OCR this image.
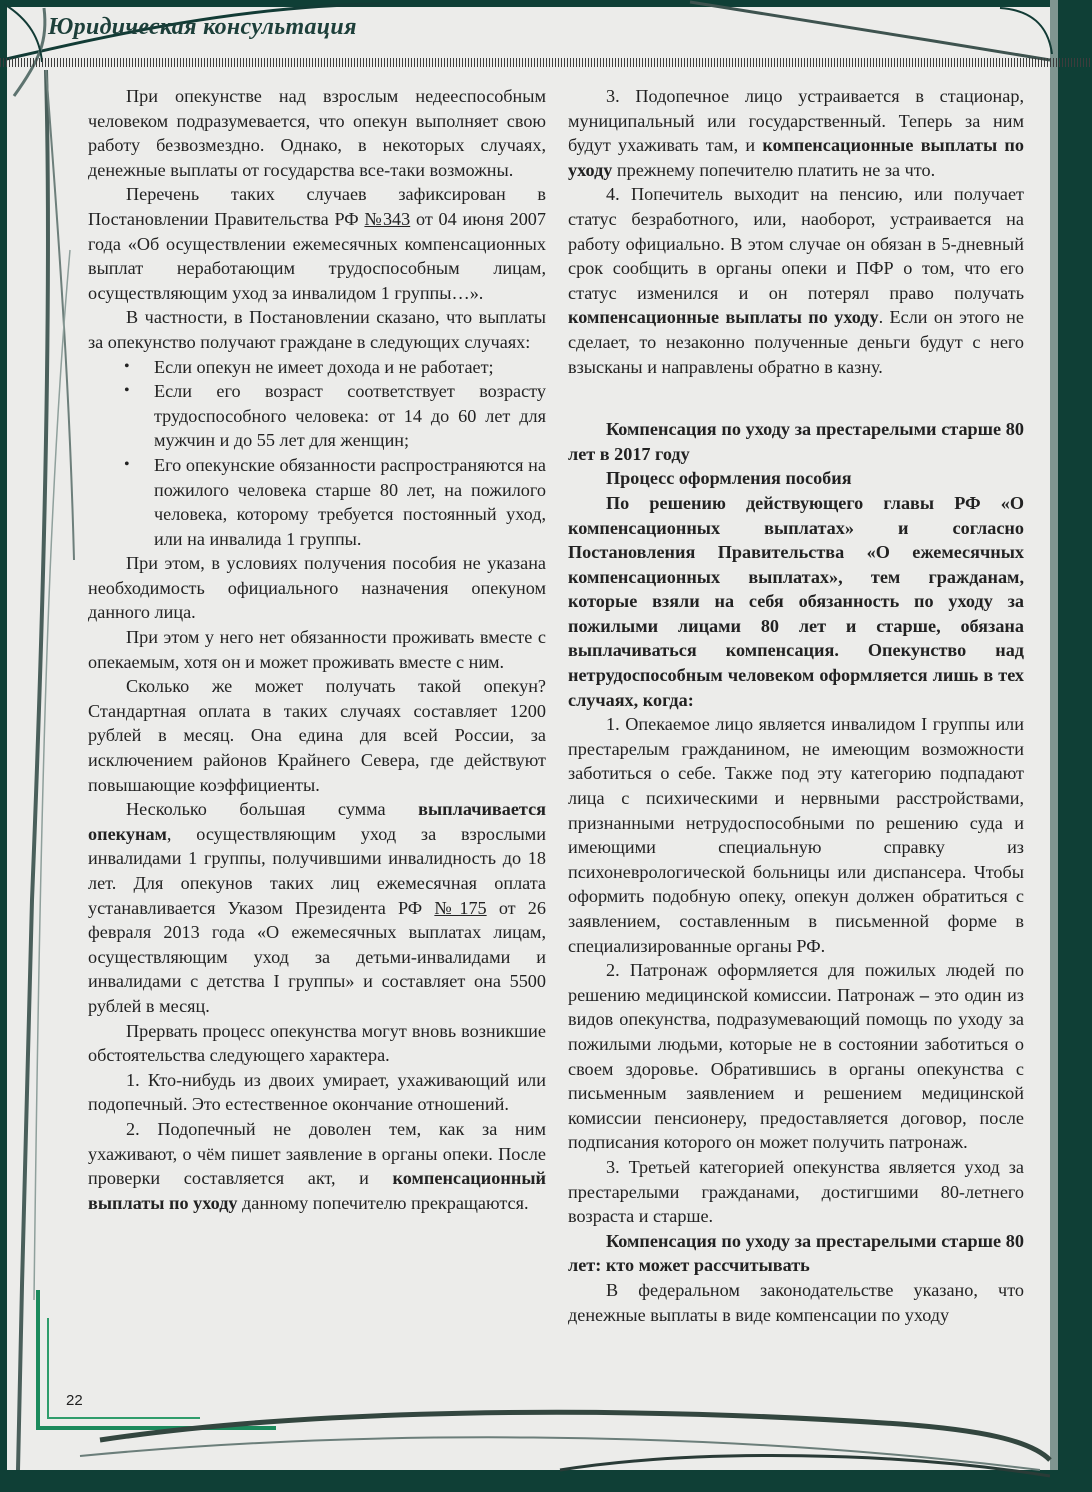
Юридическая консультация

При опекунстве над взрослым недееспособным человеком подразумевается, что опекун выполняет свою работу безвозмездно. Однако, в некоторых случаях, денежные выплаты от государства все-таки возможны.

Перечень таких случаев зафиксирован в Постановлении Правительства РФ №343 от 04 июня 2007 года «Об осуществлении ежемесячных компенсационных выплат неработающим трудоспособным лицам, осуществляющим уход за инвалидом 1 группы…».

В частности, в Постановлении сказано, что выплаты за опекунство получают граждане в следующих случаях:

• Если опекун не имеет дохода и не работает;
• Если его возраст соответствует возрасту трудоспособного человека: от 14 до 60 лет для мужчин и до 55 лет для женщин;
• Его опекунские обязанности распространяются на пожилого человека старше 80 лет, на пожилого человека, которому требуется постоянный уход, или на инвалида 1 группы.

При этом, в условиях получения пособия не указана необходимость официального назначения опекуном данного лица.

При этом у него нет обязанности проживать вместе с опекаемым, хотя он и может проживать вместе с ним.

Сколько же может получать такой опекун? Стандартная оплата в таких случаях составляет 1200 рублей в месяц. Она едина для всей России, за исключением районов Крайнего Севера, где действуют повышающие коэффициенты.

Несколько большая сумма выплачивается опекунам, осуществляющим уход за взрослыми инвалидами 1 группы, получившими инвалидность до 18 лет. Для опекунов таких лиц ежемесячная оплата устанавливается Указом Президента РФ №175 от 26 февраля 2013 года «О ежемесячных выплатах лицам, осуществляющим уход за детьми-инвалидами и инвалидами с детства I группы» и составляет она 5500 рублей в месяц.

Прервать процесс опекунства могут вновь возникшие обстоятельства следующего характера.

1. Кто-нибудь из двоих умирает, ухаживающий или подопечный. Это естественное окончание отношений.

2. Подопечный не доволен тем, как за ним ухаживают, о чём пишет заявление в органы опеки. После проверки составляется акт, и компенсационный выплаты по уходу данному попечителю прекращаются.

3. Подопечное лицо устраивается в стационар, муниципальный или государственный. Теперь за ним будут ухаживать там, и компенсационные выплаты по уходу прежнему попечителю платить не за что.

4. Попечитель выходит на пенсию, или получает статус безработного, или, наоборот, устраивается на работу официально. В этом случае он обязан в 5-дневный срок сообщить в органы опеки и ПФР о том, что его статус изменился и он потерял право получать компенсационные выплаты по уходу. Если он этого не сделает, то незаконно полученные деньги будут с него взысканы и направлены обратно в казну.

Компенсация по уходу за престарелыми старше 80 лет в 2017 году

Процесс оформления пособия

По решению действующего главы РФ «О компенсационных выплатах» и согласно Постановления Правительства «О ежемесячных компенсационных выплатах», тем гражданам, которые взяли на себя обязанность по уходу за пожилыми лицами 80 лет и старше, обязана выплачиваться компенсация. Опекунство над нетрудоспособным человеком оформляется лишь в тех случаях, когда:

1. Опекаемое лицо является инвалидом I группы или престарелым гражданином, не имеющим возможности заботиться о себе. Также под эту категорию подпадают лица с психическими и нервными расстройствами, признанными нетрудоспособными по решению суда и имеющими специальную справку из психоневрологической больницы или диспансера. Чтобы оформить подобную опеку, опекун должен обратиться с заявлением, составленным в письменной форме в специализированные органы РФ.

2. Патронаж оформляется для пожилых людей по решению медицинской комиссии. Патронаж – это один из видов опекунства, подразумевающий помощь по уходу за пожилыми людьми, которые не в состоянии заботиться о своем здоровье. Обратившись в органы опекунства с письменным заявлением и решением медицинской комиссии пенсионеру, предоставляется договор, после подписания которого он может получить патронаж.

3. Третьей категорией опекунства является уход за престарелыми гражданами, достигшими 80-летнего возраста и старше.

Компенсация по уходу за престарелыми старше 80 лет: кто может рассчитывать

В федеральном законодательстве указано, что денежные выплаты в виде компенсации по уходу

22
